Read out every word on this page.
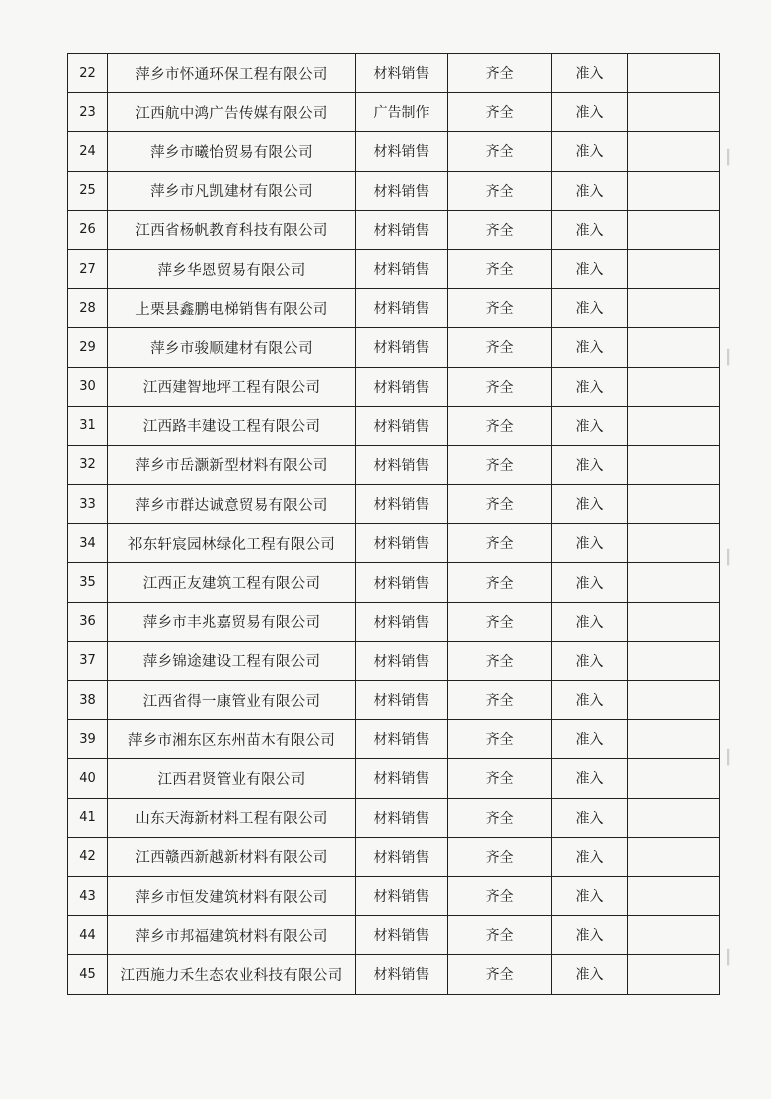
┃
┃
┃
┃
┃
22	萍乡市怀通环保工程有限公司	材料销售	齐全	准入	
23	江西航中鸿广告传媒有限公司	广告制作	齐全	准入	
24	萍乡市曦怡贸易有限公司	材料销售	齐全	准入	
25	萍乡市凡凯建材有限公司	材料销售	齐全	准入	
26	江西省杨帆教育科技有限公司	材料销售	齐全	准入	
27	萍乡华恩贸易有限公司	材料销售	齐全	准入	
28	上栗县鑫鹏电梯销售有限公司	材料销售	齐全	准入	
29	萍乡市骏顺建材有限公司	材料销售	齐全	准入	
30	江西建智地坪工程有限公司	材料销售	齐全	准入	
31	江西路丰建设工程有限公司	材料销售	齐全	准入	
32	萍乡市岳灏新型材料有限公司	材料销售	齐全	准入	
33	萍乡市群达诚意贸易有限公司	材料销售	齐全	准入	
34	祁东轩宸园林绿化工程有限公司	材料销售	齐全	准入	
35	江西正友建筑工程有限公司	材料销售	齐全	准入	
36	萍乡市丰兆嘉贸易有限公司	材料销售	齐全	准入	
37	萍乡锦途建设工程有限公司	材料销售	齐全	准入	
38	江西省得一康管业有限公司	材料销售	齐全	准入	
39	萍乡市湘东区东州苗木有限公司	材料销售	齐全	准入	
40	江西君贤管业有限公司	材料销售	齐全	准入	
41	山东天海新材料工程有限公司	材料销售	齐全	准入	
42	江西赣西新越新材料有限公司	材料销售	齐全	准入	
43	萍乡市恒发建筑材料有限公司	材料销售	齐全	准入	
44	萍乡市邦福建筑材料有限公司	材料销售	齐全	准入	
45	江西施力禾生态农业科技有限公司	材料销售	齐全	准入	
